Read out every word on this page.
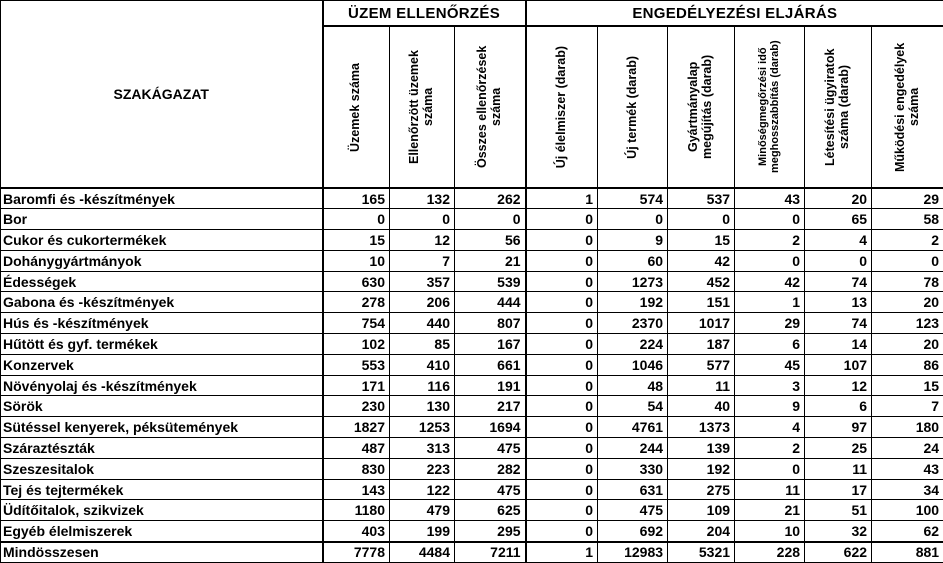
SZAKÁGAZAT	ÜZEM ELLENŐRZÉS			ENGEDÉLYEZÉSI ELJÁRÁS					

	Üzemek száma	Ellenőrzött üzemek száma	Összes ellenőrzések száma	Új élelmiszer (darab)	Új termék (darab)	Gyártmányalap megújítás (darab)	Minőségmegőrzési idő meghosszabbítás (darab)	Létesítési ügyiratok száma (darab)	Működési engedélyek száma

Baromfi és -készítmények	165	132	262	1	574	537	43	20	29
Bor	0	0	0	0	0	0	0	65	58
Cukor és cukortermékek	15	12	56	0	9	15	2	4	2
Dohánygyártmányok	10	7	21	0	60	42	0	0	0
Édességek	630	357	539	0	1273	452	42	74	78
Gabona és -készítmények	278	206	444	0	192	151	1	13	20
Hús és -készítmények	754	440	807	0	2370	1017	29	74	123
Hűtött és gyf. termékek	102	85	167	0	224	187	6	14	20
Konzervek	553	410	661	0	1046	577	45	107	86
Növényolaj és -készítmények	171	116	191	0	48	11	3	12	15
Sörök	230	130	217	0	54	40	9	6	7
Sütéssel kenyerek, péksütemények	1827	1253	1694	0	4761	1373	4	97	180
Száraztészták	487	313	475	0	244	139	2	25	24
Szeszesitalok	830	223	282	0	330	192	0	11	43
Tej és tejtermékek	143	122	475	0	631	275	11	17	34
Üdítőitalok, szikvizek	1180	479	625	0	475	109	21	51	100
Egyéb élelmiszerek	403	199	295	0	692	204	10	32	62
Mindösszesen	7778	4484	7211	1	12983	5321	228	622	881
